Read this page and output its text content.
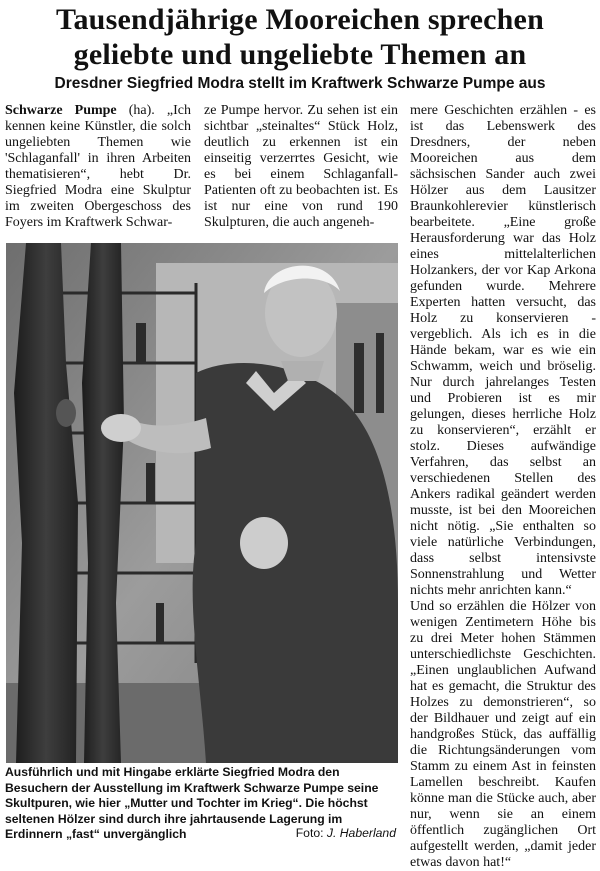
Tausendjährige Mooreichen sprechen
geliebte und ungeliebte Themen an
Dresdner Siegfried Modra stellt im Kraftwerk Schwarze Pumpe aus
Schwarze Pumpe (ha). „Ich kennen keine Künstler, die solch ungeliebten Themen wie 'Schlaganfall' in ihren Arbeiten thematisieren“, hebt Dr. Siegfried Modra eine Skulptur im zweiten Obergeschoss des Foyers im Kraftwerk Schwar-
ze Pumpe hervor. Zu sehen ist ein sichtbar „steinaltes“ Stück Holz, deutlich zu erkennen ist ein einseitig verzerrtes Gesicht, wie es bei einem Schlaganfall-Patienten oft zu beobachten ist. Es ist nur eine von rund 190 Skulpturen, die auch angeneh-

mere Geschichten erzählen - es ist das Lebenswerk des Dresdners, der neben Mooreichen aus dem sächsischen Sander auch zwei Hölzer aus dem Lausitzer Braunkohlerevier künstlerisch bearbeitete. „Eine große Herausforderung war das Holz eines mittelalterlichen Holzankers, der vor Kap Arkona gefunden wurde. Mehrere Experten hatten versucht, das Holz zu konservieren - vergeblich. Als ich es in die Hände bekam, war es wie ein Schwamm, weich und bröselig. Nur durch jahrelanges Testen und Probieren ist es mir gelungen, dieses herrliche Holz zu konservieren“, erzählt er stolz. Dieses aufwändige Verfahren, das selbst an verschiedenen Stellen des Ankers radikal geändert werden musste, ist bei den Mooreichen nicht nötig. „Sie enthalten so viele natürliche Verbindungen, dass selbst intensivste Sonnenstrahlung und Wetter nichts mehr anrichten kann.“

Und so erzählen die Hölzer von wenigen Zentimetern Höhe bis zu drei Meter hohen Stämmen unterschiedlichste Geschichten. „Einen unglaublichen Aufwand hat es gemacht, die Struktur des Holzes zu demonstrieren“, so der Bildhauer und zeigt auf ein handgroßes Stück, das auffällig die Richtungsänderungen vom Stamm zu einem Ast in feinsten Lamellen beschreibt. Kaufen könne man die Stücke auch, aber nur, wenn sie an einem öffentlich zugänglichen Ort aufgestellt werden, „damit jeder etwas davon hat!“

Ausführlich und mit Hingabe erklärte Siegfried Modra den Besuchern der Ausstellung im Kraftwerk Schwarze Pumpe seine Skultpuren, wie hier „Mutter und Tochter im Krieg“. Die höchst seltenen Hölzer sind durch ihre jahrtausende Lagerung im Erdinnern „fast“ unvergänglich	Foto: J. Haberland
